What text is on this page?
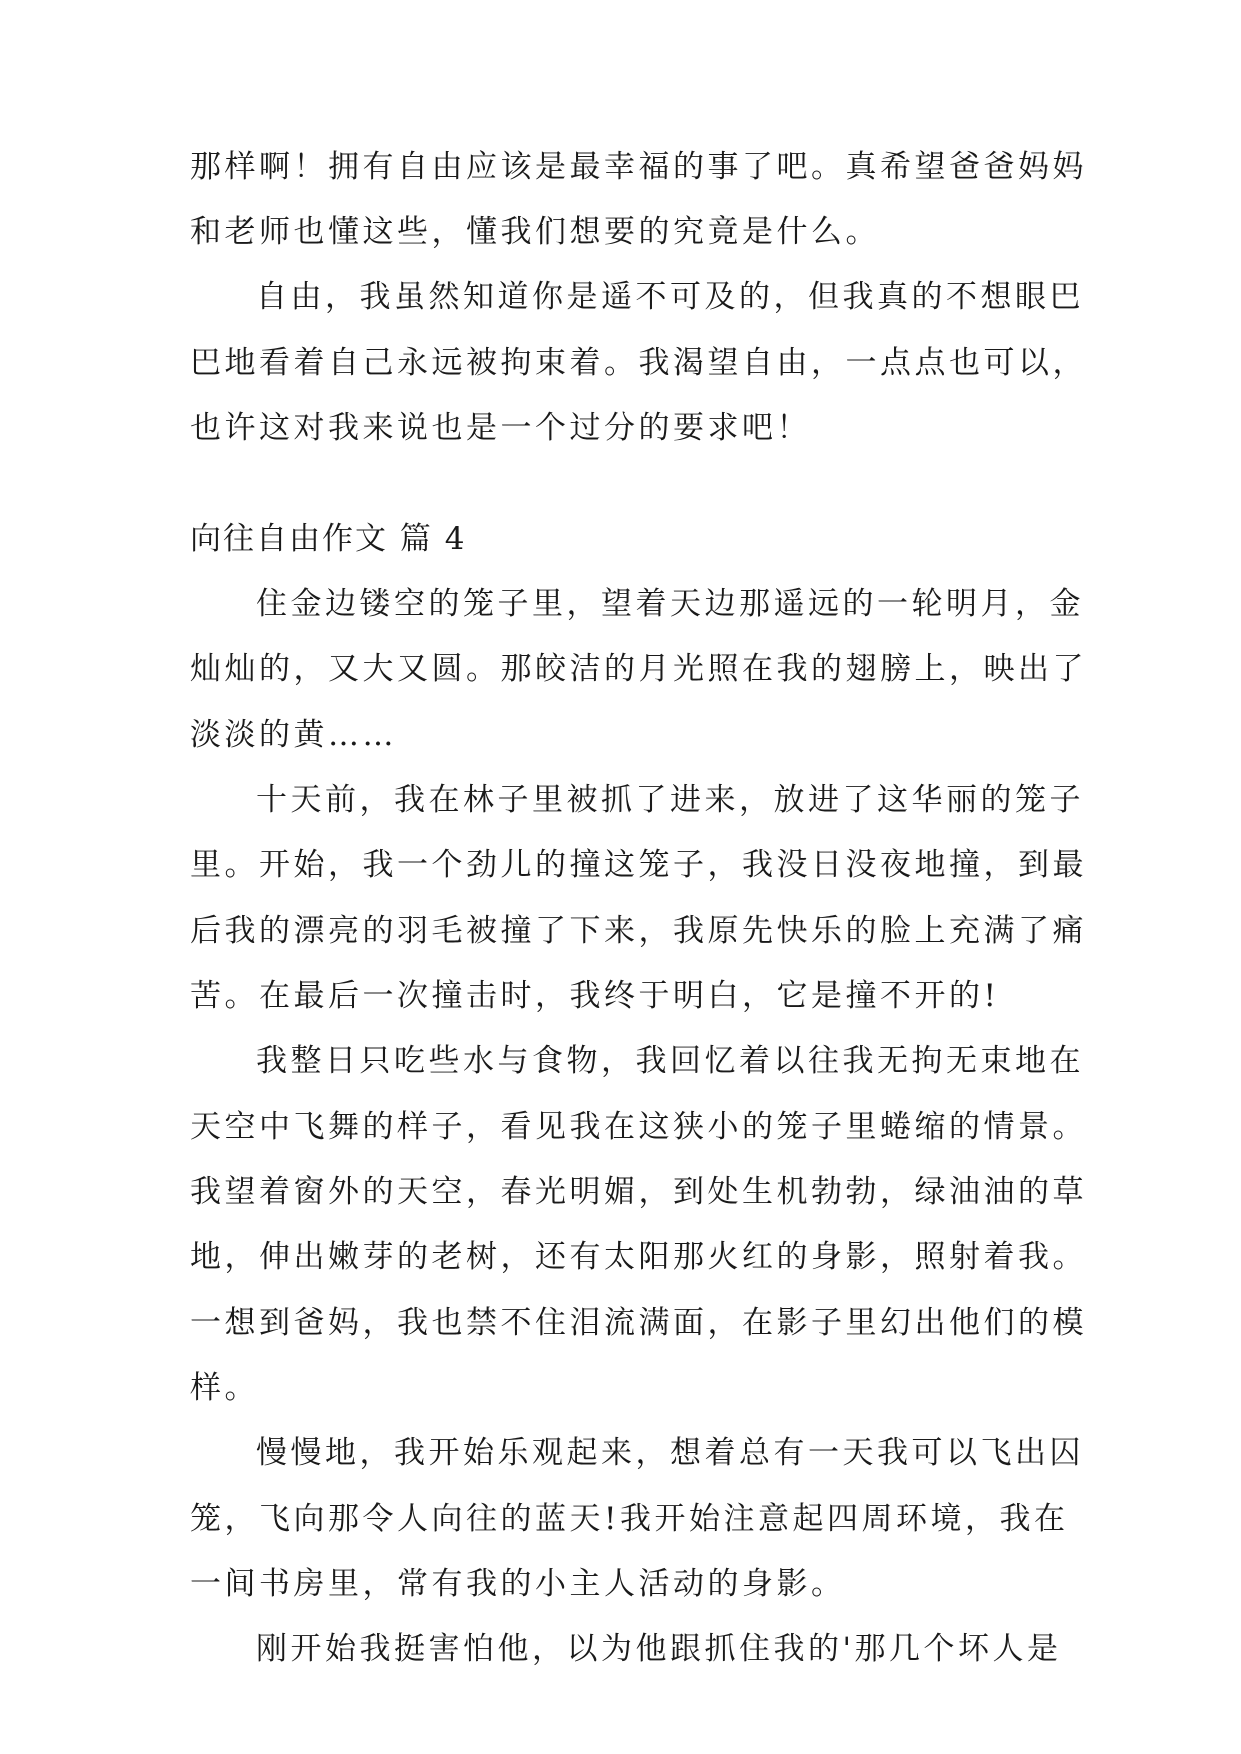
那样啊！拥有自由应该是最幸福的事了吧。真希望爸爸妈妈
和老师也懂这些，懂我们想要的究竟是什么。
自由，我虽然知道你是遥不可及的，但我真的不想眼巴
巴地看着自己永远被拘束着。我渴望自由，一点点也可以，
也许这对我来说也是一个过分的要求吧！
向往自由作文 篇 4
住金边镂空的笼子里，望着天边那遥远的一轮明月，金
灿灿的，又大又圆。那皎洁的月光照在我的翅膀上，映出了
淡淡的黄……
十天前，我在林子里被抓了进来，放进了这华丽的笼子
里。开始，我一个劲儿的撞这笼子，我没日没夜地撞，到最
后我的漂亮的羽毛被撞了下来，我原先快乐的脸上充满了痛
苦。在最后一次撞击时，我终于明白，它是撞不开的!
我整日只吃些水与食物，我回忆着以往我无拘无束地在
天空中飞舞的样子，看见我在这狭小的笼子里蜷缩的情景。
我望着窗外的天空，春光明媚，到处生机勃勃，绿油油的草
地，伸出嫩芽的老树，还有太阳那火红的身影，照射着我。
一想到爸妈，我也禁不住泪流满面，在影子里幻出他们的模
样。
慢慢地，我开始乐观起来，想着总有一天我可以飞出囚
笼，飞向那令人向往的蓝天!我开始注意起四周环境，我在
一间书房里，常有我的小主人活动的身影。
刚开始我挺害怕他，以为他跟抓住我的'那几个坏人是
